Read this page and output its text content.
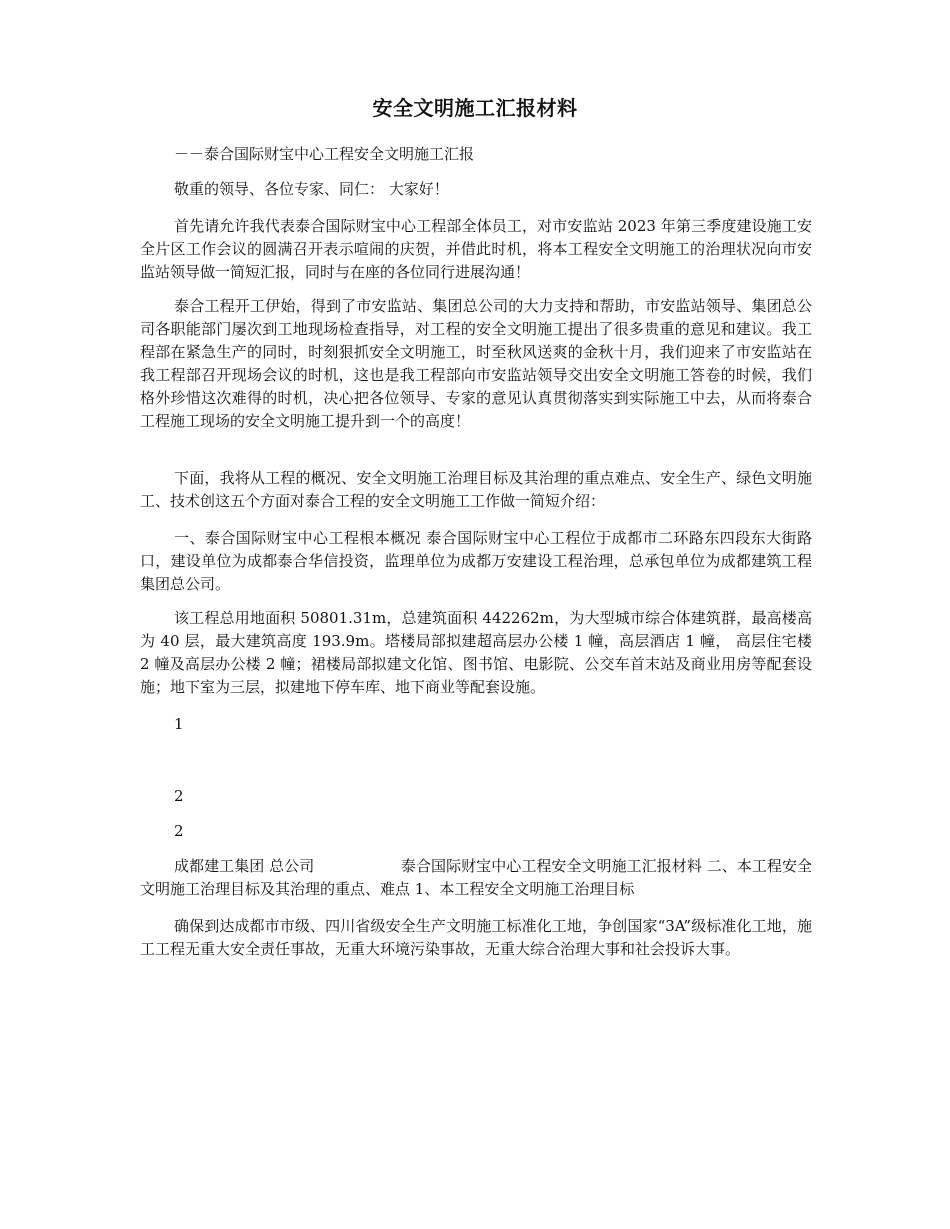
安全文明施工汇报材料

－－泰合国际财宝中心工程安全文明施工汇报

敬重的领导、各位专家、同仁： 大家好！

首先请允许我代表泰合国际财宝中心工程部全体员工，对市安监站 2023 年第三季度建设施工安全片区工作会议的圆满召开表示喧闹的庆贺，并借此时机，将本工程安全文明施工的治理状况向市安监站领导做一简短汇报，同时与在座的各位同行进展沟通！

泰合工程开工伊始，得到了市安监站、集团总公司的大力支持和帮助，市安监站领导、集团总公司各职能部门屡次到工地现场检查指导，对工程的安全文明施工提出了很多贵重的意见和建议。我工程部在紧急生产的同时，时刻狠抓安全文明施工，时至秋风送爽的金秋十月，我们迎来了市安监站在我工程部召开现场会议的时机，这也是我工程部向市安监站领导交出安全文明施工答卷的时候，我们格外珍惜这次难得的时机，决心把各位领导、专家的意见认真贯彻落实到实际施工中去，从而将泰合工程施工现场的安全文明施工提升到一个的高度！

下面，我将从工程的概况、安全文明施工治理目标及其治理的重点难点、安全生产、绿色文明施工、技术创这五个方面对泰合工程的安全文明施工工作做一简短介绍：

一、泰合国际财宝中心工程根本概况 泰合国际财宝中心工程位于成都市二环路东四段东大街路口，建设单位为成都泰合华信投资，监理单位为成都万安建设工程治理，总承包单位为成都建筑工程集团总公司。

该工程总用地面积 50801.31m，总建筑面积 442262m，为大型城市综合体建筑群，最高楼高为 40 层，最大建筑高度 193.9m。塔楼局部拟建超高层办公楼 1 幢，高层酒店 1 幢， 高层住宅楼 2 幢及高层办公楼 2 幢；裙楼局部拟建文化馆、图书馆、电影院、公交车首末站及商业用房等配套设施；地下室为三层，拟建地下停车库、地下商业等配套设施。

1

2

2

成都建工集团 总公司                  泰合国际财宝中心工程安全文明施工汇报材料 二、本工程安全文明施工治理目标及其治理的重点、难点 1、本工程安全文明施工治理目标

确保到达成都市市级、四川省级安全生产文明施工标准化工地，争创国家“3A”级标准化工地，施工工程无重大安全责任事故，无重大环境污染事故，无重大综合治理大事和社会投诉大事。
